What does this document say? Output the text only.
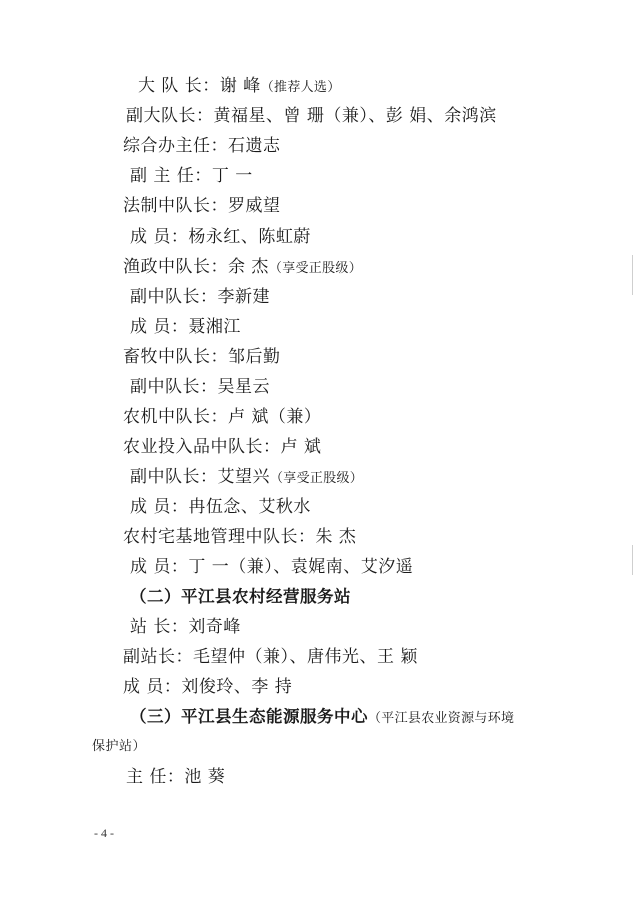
大 队 长：谢 峰（推荐人选）
副大队长：黄福星、曾 珊（兼）、彭 娟、余鸿滨
综合办主任：石遗志
副 主 任：丁 一
法制中队长：罗威望
成 员：杨永红、陈虹蔚
渔政中队长：余 杰（享受正股级）
副中队长：李新建
成 员：聂湘江
畜牧中队长：邹后勤
副中队长：吴星云
农机中队长：卢 斌（兼）
农业投入品中队长：卢 斌
副中队长：艾望兴（享受正股级）
成 员：冉伍念、艾秋水
农村宅基地管理中队长：朱 杰
成 员：丁 一（兼）、袁娓南、艾汐遥
（二）平江县农村经营服务站
站 长：刘奇峰
副站长：毛望仲（兼）、唐伟光、王 颖
成 员：刘俊玲、李 持
（三）平江县生态能源服务中心（平江县农业资源与环境
保护站）
主 任：池 葵
- 4 -
